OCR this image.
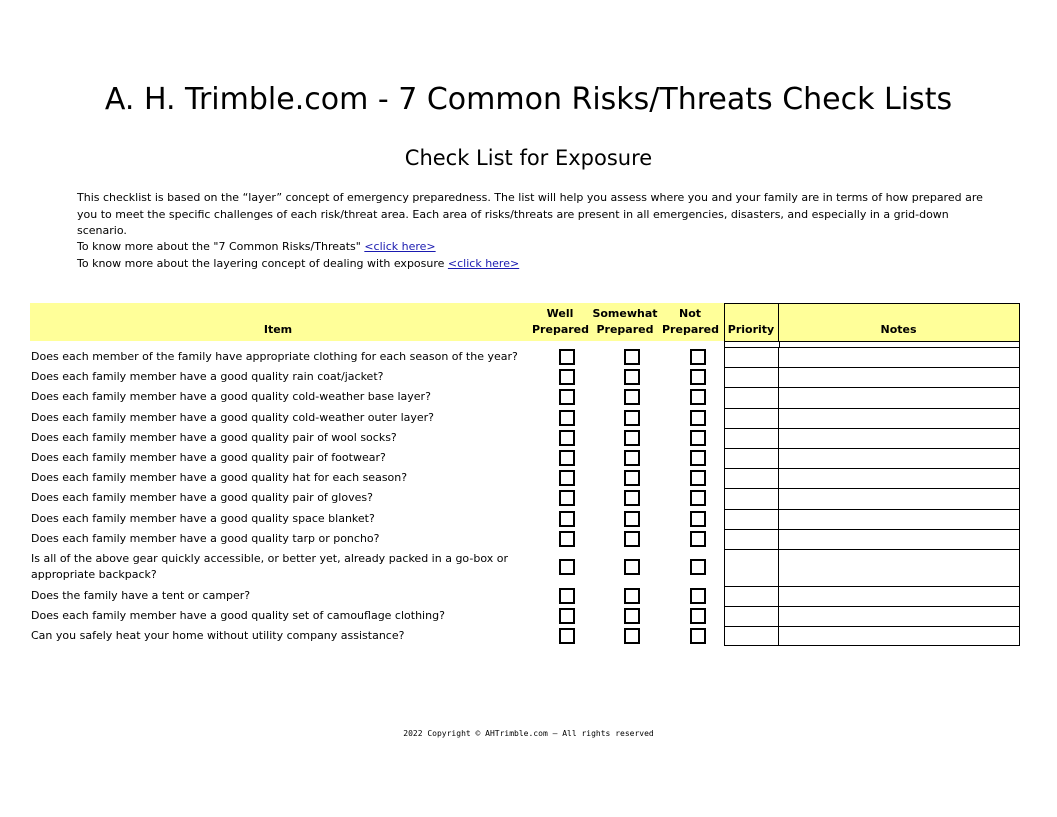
A. H. Trimble.com - 7 Common Risks/Threats Check Lists
Check List for Exposure
This checklist is based on the “layer” concept of emergency preparedness. The list will help you assess where you and your family are in terms of how prepared are you to meet the specific challenges of each risk/threat area. Each area of risks/threats are present in all emergencies, disasters, and especially in a grid-down scenario.
To know more about the "7 Common Risks/Threats" <click here>
To know more about the layering concept of dealing with exposure <click here>
Item
Well
Prepared
Somewhat
Prepared
Not
Prepared Priority	Notes
Does each member of the family have appropriate clothing for each season of the year?
Does each family member have a good quality rain coat/jacket?
Does each family member have a good quality cold-weather base layer?
Does each family member have a good quality cold-weather outer layer?
Does each family member have a good quality pair of wool socks?
Does each family member have a good quality pair of footwear?
Does each family member have a good quality hat for each season?
Does each family member have a good quality pair of gloves?
Does each family member have a good quality space blanket?
Does each family member have a good quality tarp or poncho?
Is all of the above gear quickly accessible, or better yet, already packed in a go-box or appropriate backpack?
Does the family have a tent or camper?
Does each family member have a good quality set of camouflage clothing?
Can you safely heat your home without utility company assistance?
2022 Copyright © AHTrimble.com – All rights reserved
